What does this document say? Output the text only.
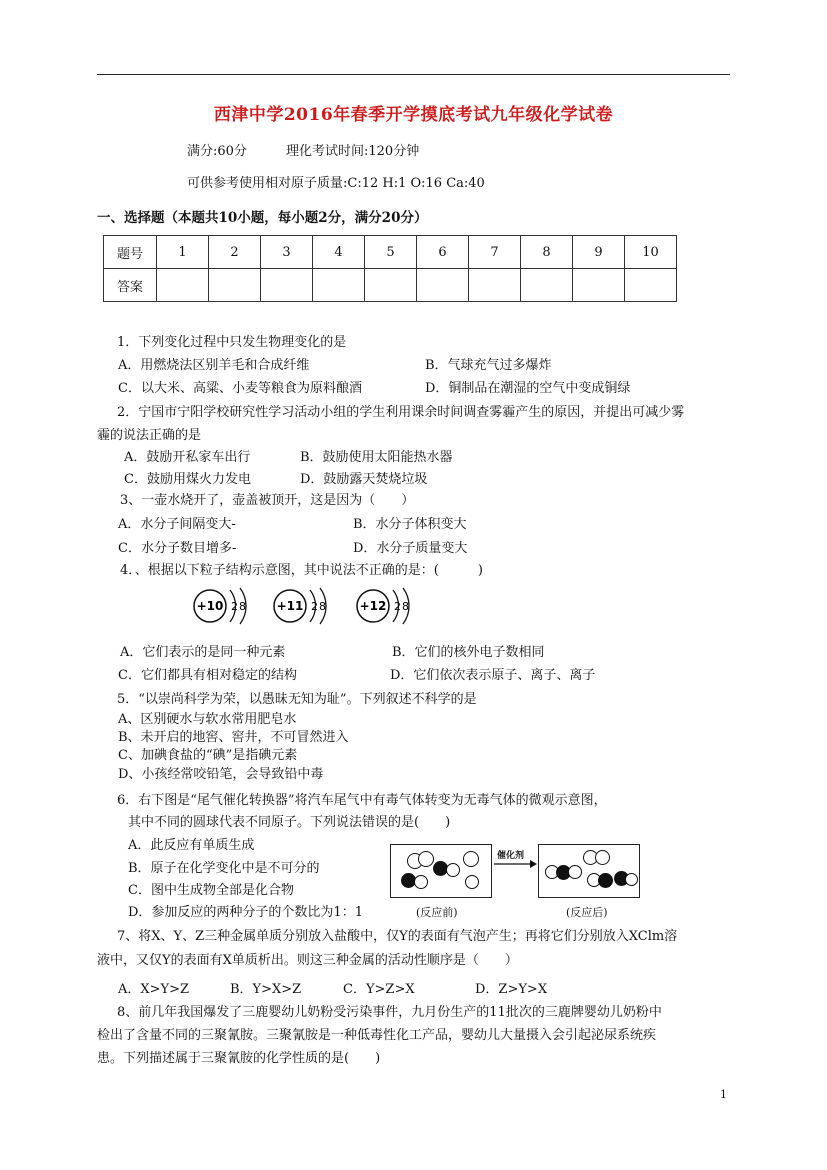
西津中学2016年春季开学摸底考试九年级化学试卷
满分:60分	理化考试时间:120分钟
可供参考使用相对原子质量:C:12 H:1 O:16 Ca:40
一、选择题（本题共10小题，每小题2分，满分20分）
题号	1	2	3	4	5	6	7	8	9	10
答案										
1．下列变化过程中只发生物理变化的是
A．用燃烧法区别羊毛和合成纤维	B．气球充气过多爆炸
C．以大米、高粱、小麦等粮食为原料酿酒	D．铜制品在潮湿的空气中变成铜绿
2．宁国市宁阳学校研究性学习活动小组的学生利用课余时间调查雾霾产生的原因，并提出可减少雾
霾的说法正确的是
A．鼓励开私家车出行	B．鼓励使用太阳能热水器
C．鼓励用煤火力发电	D．鼓励露天焚烧垃圾
3、一壶水烧开了，壶盖被顶开，这是因为（　　）
A．水分子间隔变大-	B．水分子体积变大
C．水分子数目增多-	D．水分子质量变大
4．、根据以下粒子结构示意图，其中说法不正确的是：(　　　)
+10 2 8	+11 2 8	+12 2 8
A．它们表示的是同一种元素	B．它们的核外电子数相同
C．它们都具有相对稳定的结构	D．它们依次表示原子、离子、离子
5．“以崇尚科学为荣，以愚昧无知为耻”。下列叙述不科学的是
A、区别硬水与软水常用肥皂水
B、未开启的地窖、窖井，不可冒然进入
C、加碘食盐的“碘”是指碘元素
D、小孩经常咬铅笔，会导致铅中毒
6．右下图是“尾气催化转换器”将汽车尾气中有毒气体转变为无毒气体的微观示意图，
其中不同的圆球代表不同原子。下列说法错误的是(　　)
A．此反应有单质生成
B．原子在化学变化中是不可分的
C．图中生成物全部是化合物
D．参加反应的两种分子的个数比为1：1
催化剂
(反应前)	(反应后)
7、将X、Y、Z三种金属单质分别放入盐酸中，仅Y的表面有气泡产生；再将它们分别放入XClm溶
液中，又仅Y的表面有X单质析出。则这三种金属的活动性顺序是（　　）
A．X>Y>Z	B．Y>X>Z	C．Y>Z>X	D．Z>Y>X
8、前几年我国爆发了三鹿婴幼儿奶粉受污染事件，九月份生产的11批次的三鹿牌婴幼儿奶粉中
检出了含量不同的三聚氰胺。三聚氰胺是一种低毒性化工产品，婴幼儿大量摄入会引起泌尿系统疾
患。下列描述属于三聚氰胺的化学性质的是(　　)
1
